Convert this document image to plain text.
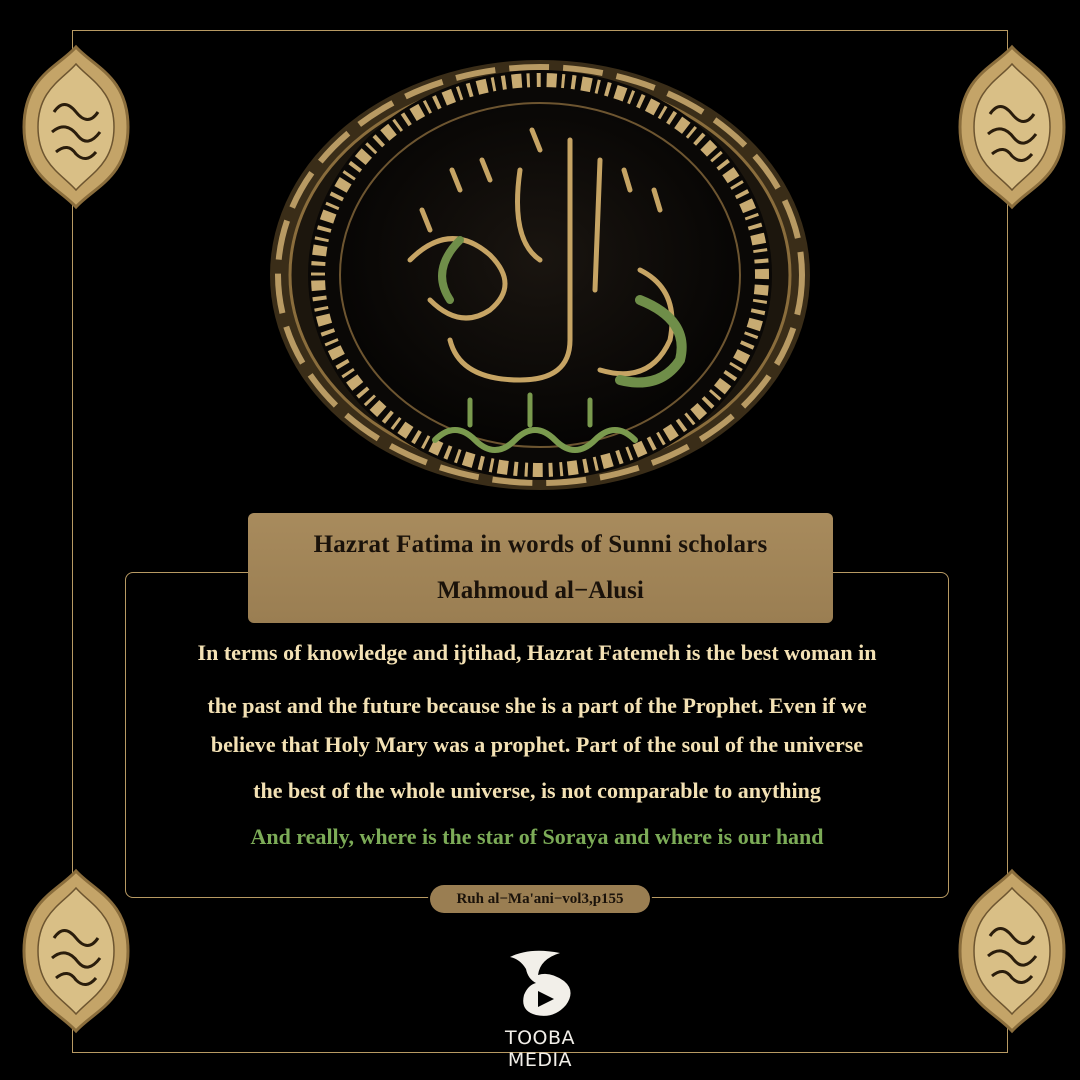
Hazrat Fatima in words of Sunni scholars
Mahmoud al−Alusi
In terms of knowledge and ijtihad, Hazrat Fatemeh is the best woman in
the past and the future because she is a part of the Prophet. Even if we
believe that Holy Mary was a prophet. Part of the soul of the universe
the best of the whole universe, is not comparable to anything
And really, where is the star of Soraya and where is our hand
Ruh al−Ma'ani−vol3,p155
TOOBA MEDIA
